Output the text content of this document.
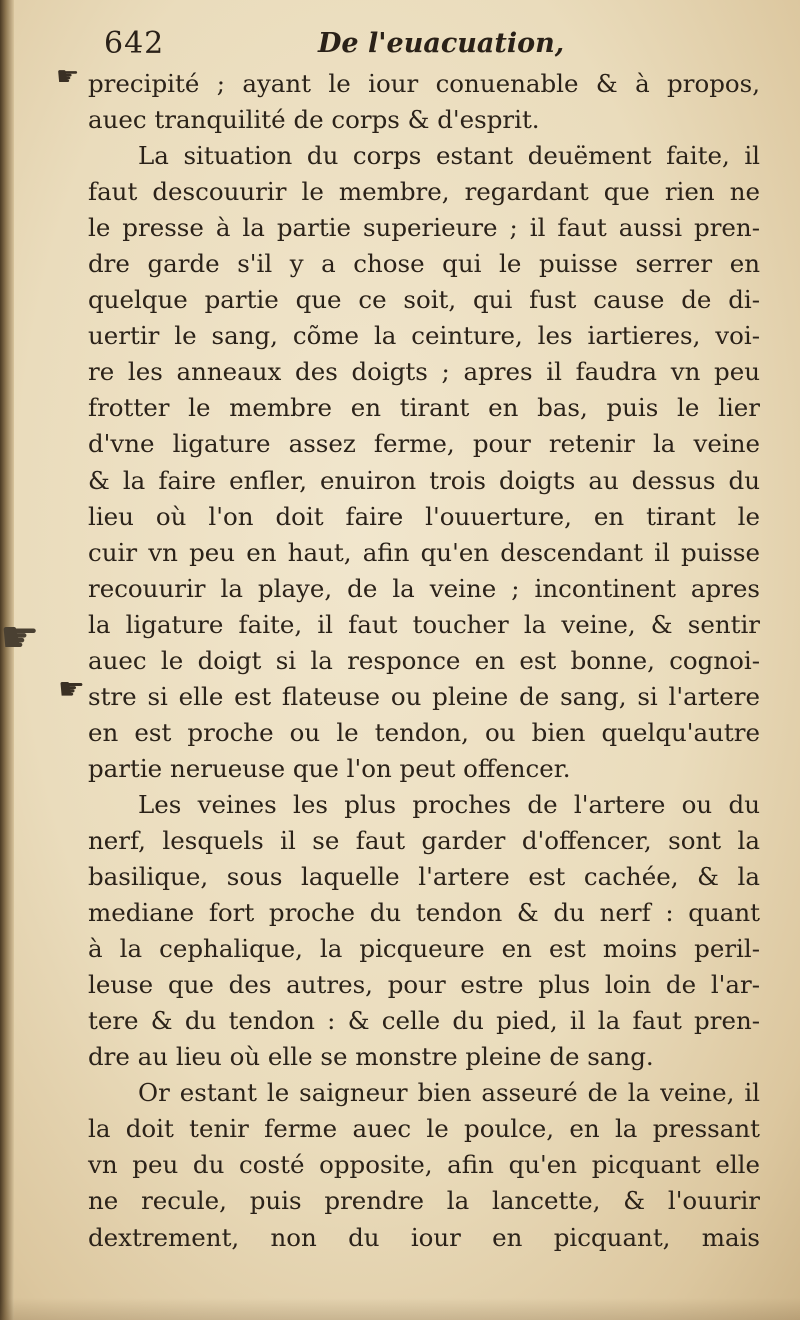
642	De l'euacuation,
☛
☛
☛
precipité ; ayant le iour conuenable & à propos,
auec tranquilité de corps & d'esprit.
La situation du corps estant deuëment faite, il
faut descouurir le membre, regardant que rien ne
le presse à la partie superieure ; il faut aussi pren-
dre garde s'il y a chose qui le puisse serrer en
quelque partie que ce soit, qui fust cause de di-
uertir le sang, cõme la ceinture, les iartieres, voi-
re les anneaux des doigts ; apres il faudra vn peu
frotter le membre en tirant en bas, puis le lier
d'vne ligature assez ferme, pour retenir la veine
& la faire enfler, enuiron trois doigts au dessus du
lieu où l'on doit faire l'ouuerture, en tirant le
cuir vn peu en haut, afin qu'en descendant il puisse
recouurir la playe, de la veine ; incontinent apres
la ligature faite, il faut toucher la veine, & sentir
auec le doigt si la responce en est bonne, cognoi-
stre si elle est flateuse ou pleine de sang, si l'artere
en est proche ou le tendon, ou bien quelqu'autre
partie nerueuse que l'on peut offencer.
Les veines les plus proches de l'artere ou du
nerf, lesquels il se faut garder d'offencer, sont la
basilique, sous laquelle l'artere est cachée, & la
mediane fort proche du tendon & du nerf : quant
à la cephalique, la picqueure en est moins peril-
leuse que des autres, pour estre plus loin de l'ar-
tere & du tendon : & celle du pied, il la faut pren-
dre au lieu où elle se monstre pleine de sang.
Or estant le saigneur bien asseuré de la veine, il
la doit tenir ferme auec le poulce, en la pressant
vn peu du costé opposite, afin qu'en picquant elle
ne recule, puis prendre la lancette, & l'ouurir
dextrement, non du iour en picquant, mais
